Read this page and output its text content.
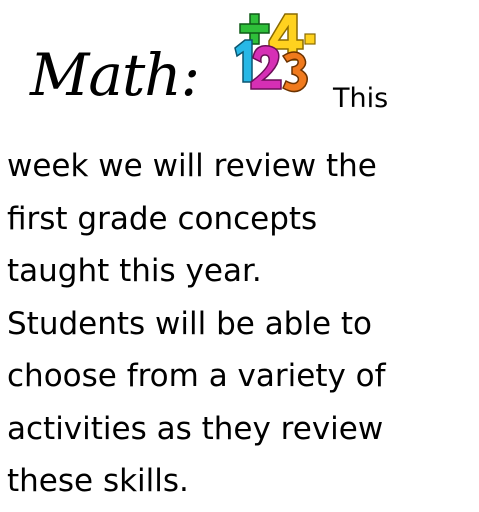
Math:	This
week we will review the
first grade concepts
taught this year.
Students will be able to
choose from a variety of
activities as they review
these skills.
